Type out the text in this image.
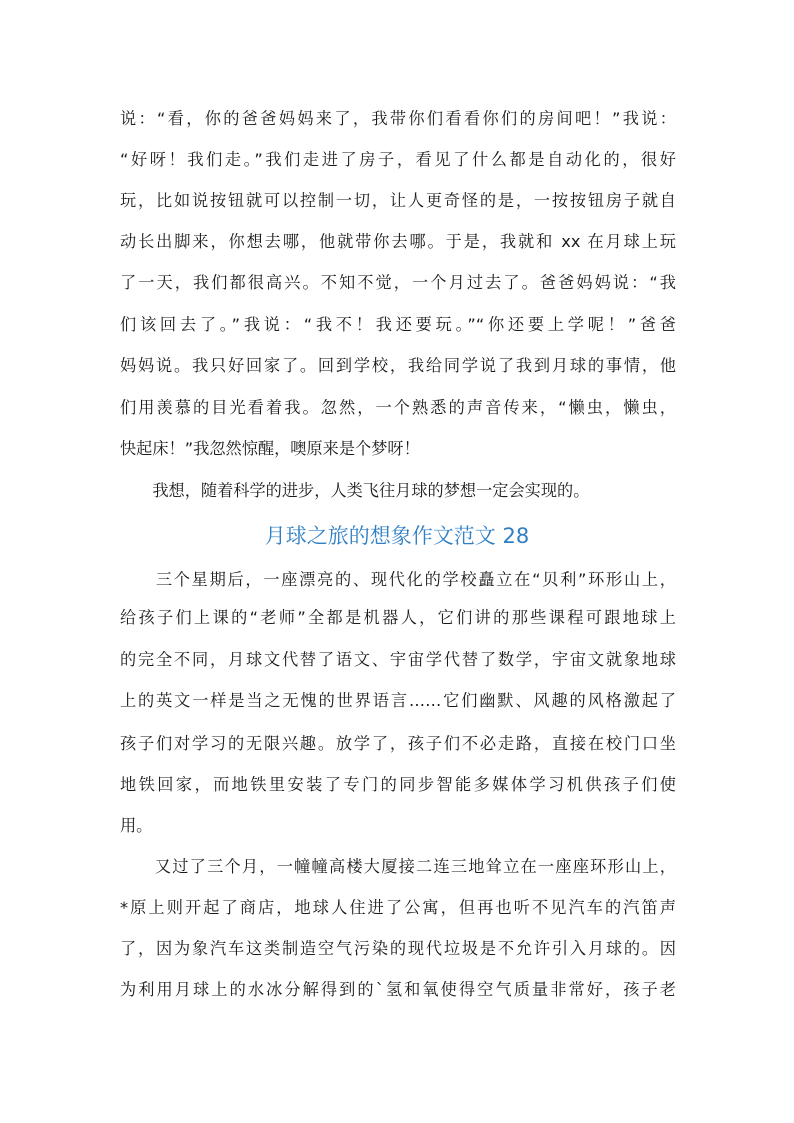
说：“看，你的爸爸妈妈来了，我带你们看看你们的房间吧！”我说：
“好呀！我们走。”我们走进了房子，看见了什么都是自动化的，很好
玩，比如说按钮就可以控制一切，让人更奇怪的是，一按按钮房子就自
动长出脚来，你想去哪，他就带你去哪。于是，我就和 xx 在月球上玩
了一天，我们都很高兴。不知不觉，一个月过去了。爸爸妈妈说：“我
们该回去了。”我说：“我不！我还要玩。”“你还要上学呢！”爸爸
妈妈说。我只好回家了。回到学校，我给同学说了我到月球的事情，他
们用羡慕的目光看着我。忽然，一个熟悉的声音传来，“懒虫，懒虫，
快起床！”我忽然惊醒，噢原来是个梦呀！
　　我想，随着科学的进步，人类飞往月球的梦想一定会实现的。
月球之旅的想象作文范文 28
　　三个星期后，一座漂亮的、现代化的学校矗立在“贝利”环形山上，
给孩子们上课的“老师”全都是机器人，它们讲的那些课程可跟地球上
的完全不同，月球文代替了语文、宇宙学代替了数学，宇宙文就象地球
上的英文一样是当之无愧的世界语言……它们幽默、风趣的风格激起了
孩子们对学习的无限兴趣。放学了，孩子们不必走路，直接在校门口坐
地铁回家，而地铁里安装了专门的同步智能多媒体学习机供孩子们使
用。
　　又过了三个月，一幢幢高楼大厦接二连三地耸立在一座座环形山上，
*原上则开起了商店，地球人住进了公寓，但再也听不见汽车的汽笛声
了，因为象汽车这类制造空气污染的现代垃圾是不允许引入月球的。因
为利用月球上的水冰分解得到的`氢和氧使得空气质量非常好，孩子老
